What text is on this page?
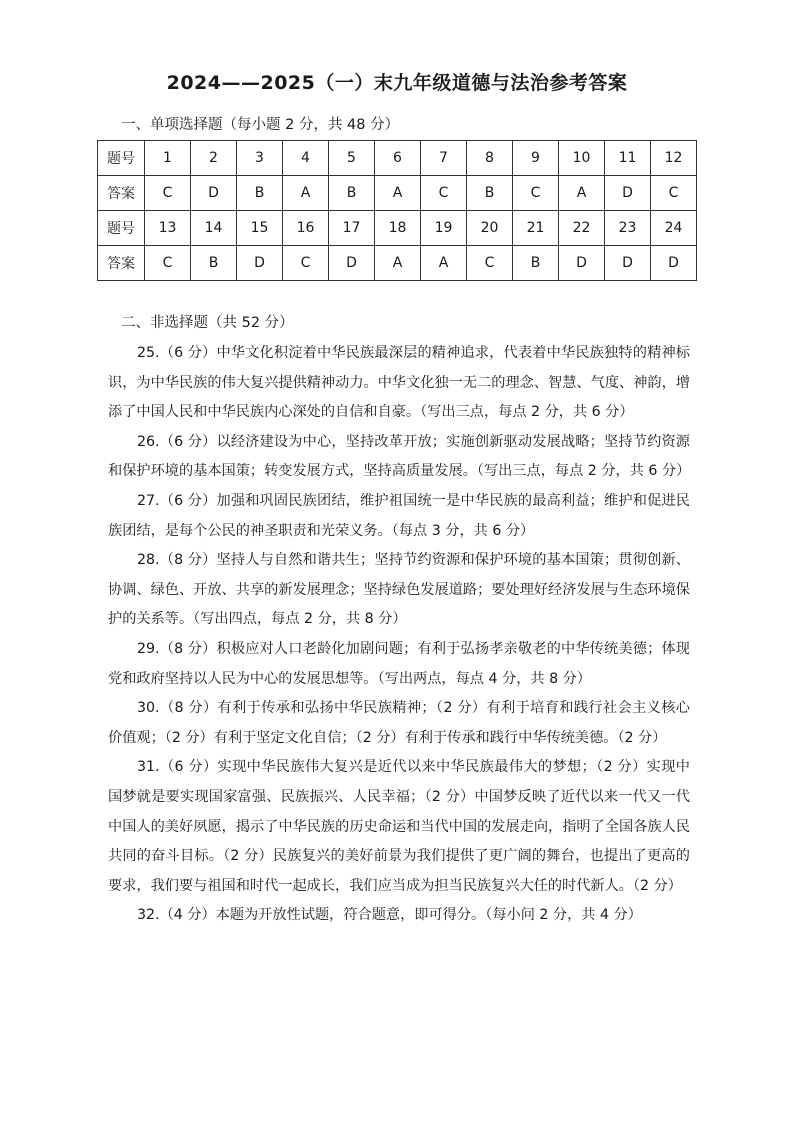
2024——2025（一）末九年级道德与法治参考答案
一、单项选择题（每小题 2 分，共 48 分）
题号	1	2	3	4	5	6	7	8	9	10	11	12
答案	C	D	B	A	B	A	C	B	C	A	D	C
题号	13	14	15	16	17	18	19	20	21	22	23	24
答案	C	B	D	C	D	A	A	C	B	D	D	D
二、非选择题（共 52 分）

25.（6 分）中华文化积淀着中华民族最深层的精神追求，代表着中华民族独特的精神标识，为中华民族的伟大复兴提供精神动力。中华文化独一无二的理念、智慧、气度、神韵，增添了中国人民和中华民族内心深处的自信和自豪。（写出三点，每点 2 分，共 6 分）

26.（6 分）以经济建设为中心，坚持改革开放；实施创新驱动发展战略；坚持节约资源和保护环境的基本国策；转变发展方式，坚持高质量发展。（写出三点，每点 2 分，共 6 分）

27.（6 分）加强和巩固民族团结，维护祖国统一是中华民族的最高利益；维护和促进民族团结，是每个公民的神圣职责和光荣义务。（每点 3 分，共 6 分）

28.（8 分）坚持人与自然和谐共生；坚持节约资源和保护环境的基本国策；贯彻创新、协调、绿色、开放、共享的新发展理念；坚持绿色发展道路；要处理好经济发展与生态环境保护的关系等。（写出四点，每点 2 分，共 8 分）

29.（8 分）积极应对人口老龄化加剧问题；有利于弘扬孝亲敬老的中华传统美德；体现党和政府坚持以人民为中心的发展思想等。（写出两点，每点 4 分，共 8 分）

30.（8 分）有利于传承和弘扬中华民族精神；（2 分）有利于培育和践行社会主义核心价值观；（2 分）有利于坚定文化自信；（2 分）有利于传承和践行中华传统美德。（2 分）

31.（6 分）实现中华民族伟大复兴是近代以来中华民族最伟大的梦想；（2 分）实现中国梦就是要实现国家富强、民族振兴、人民幸福；（2 分）中国梦反映了近代以来一代又一代中国人的美好夙愿，揭示了中华民族的历史命运和当代中国的发展走向，指明了全国各族人民共同的奋斗目标。（2 分）民族复兴的美好前景为我们提供了更广阔的舞台，也提出了更高的要求，我们要与祖国和时代一起成长，我们应当成为担当民族复兴大任的时代新人。（2 分）

32.（4 分）本题为开放性试题，符合题意，即可得分。（每小问 2 分，共 4 分）
